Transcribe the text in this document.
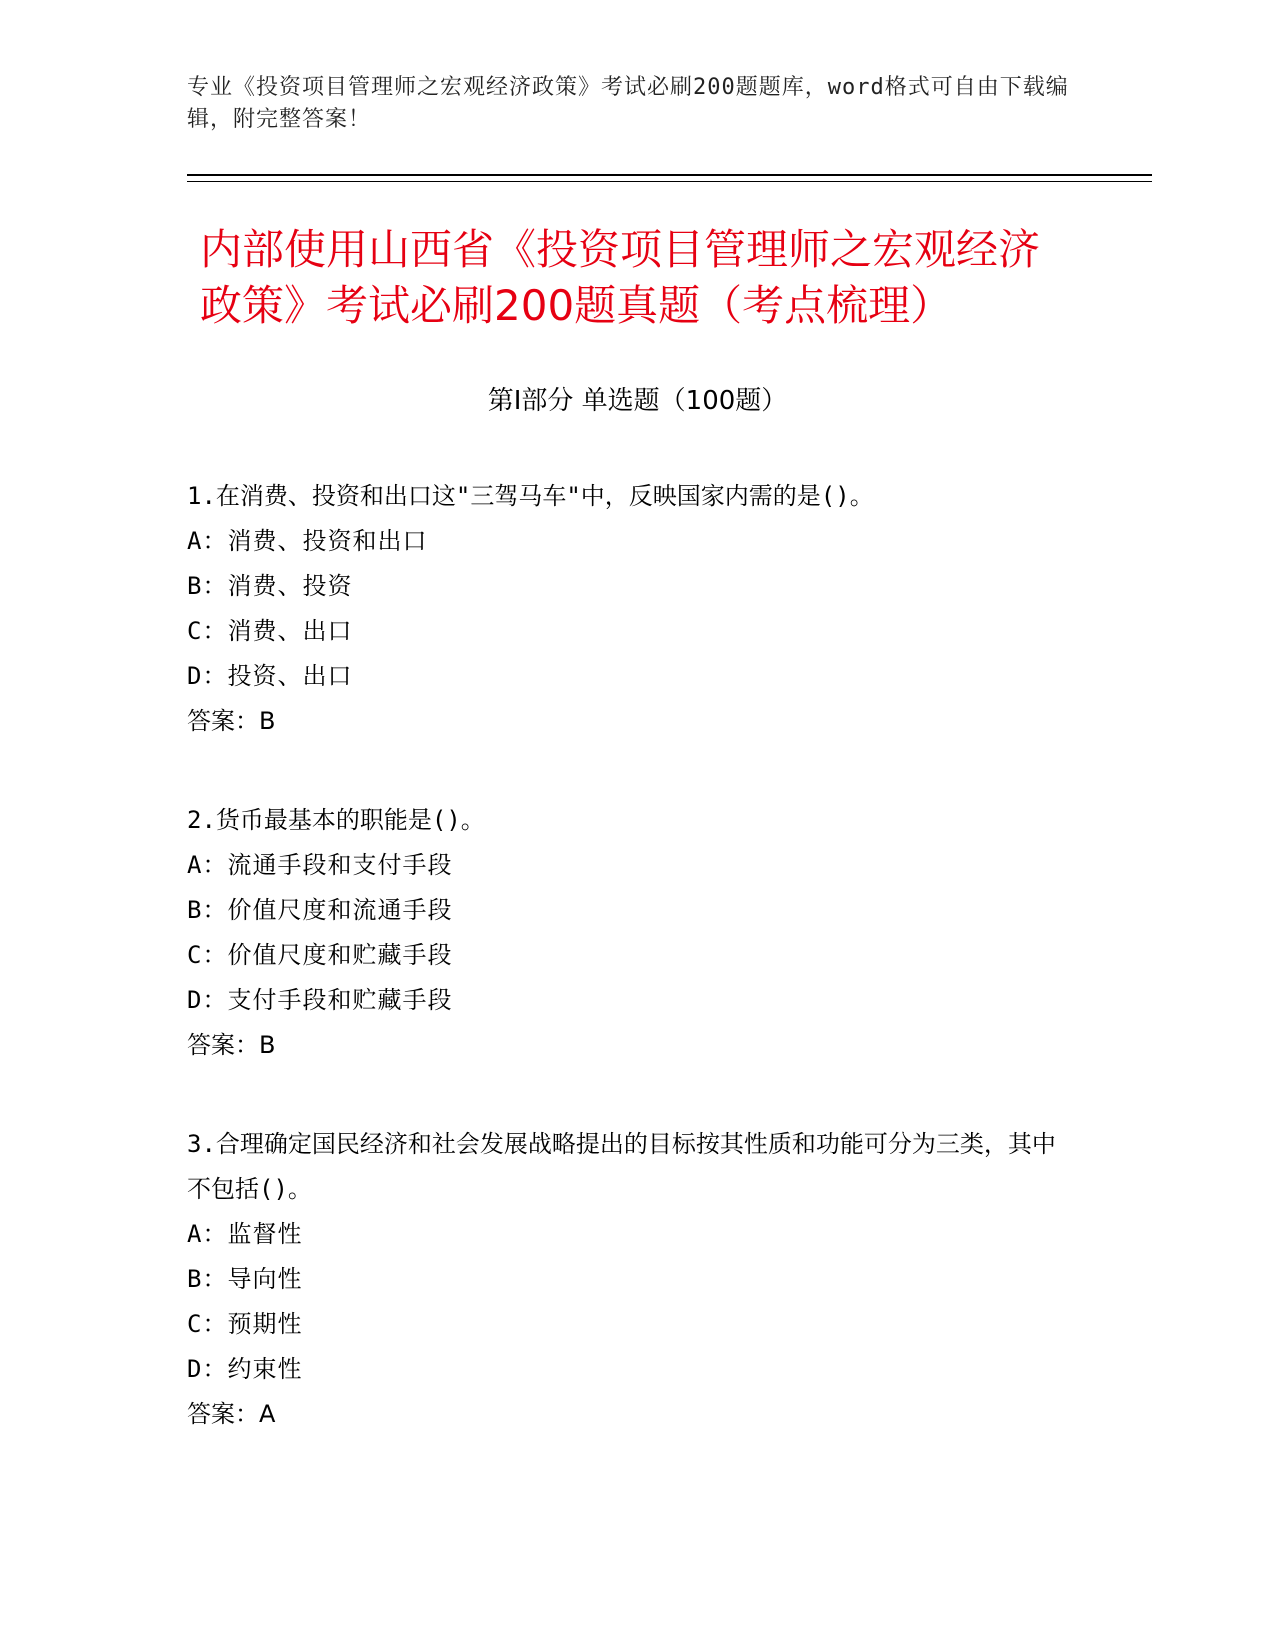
专业《投资项目管理师之宏观经济政策》考试必刷200题题库，word格式可自由下载编辑，附完整答案！

内部使用山西省《投资项目管理师之宏观经济政策》考试必刷200题真题（考点梳理）
第Ⅰ部分 单选题（100题）

1.在消费、投资和出口这"三驾马车"中，反映国家内需的是()。

A：消费、投资和出口

B：消费、投资

C：消费、出口

D：投资、出口

答案：B

2.货币最基本的职能是()。

A：流通手段和支付手段

B：价值尺度和流通手段

C：价值尺度和贮藏手段

D：支付手段和贮藏手段

答案：B

3.合理确定国民经济和社会发展战略提出的目标按其性质和功能可分为三类，其中不包括()。

A：监督性

B：导向性

C：预期性

D：约束性

答案：A
